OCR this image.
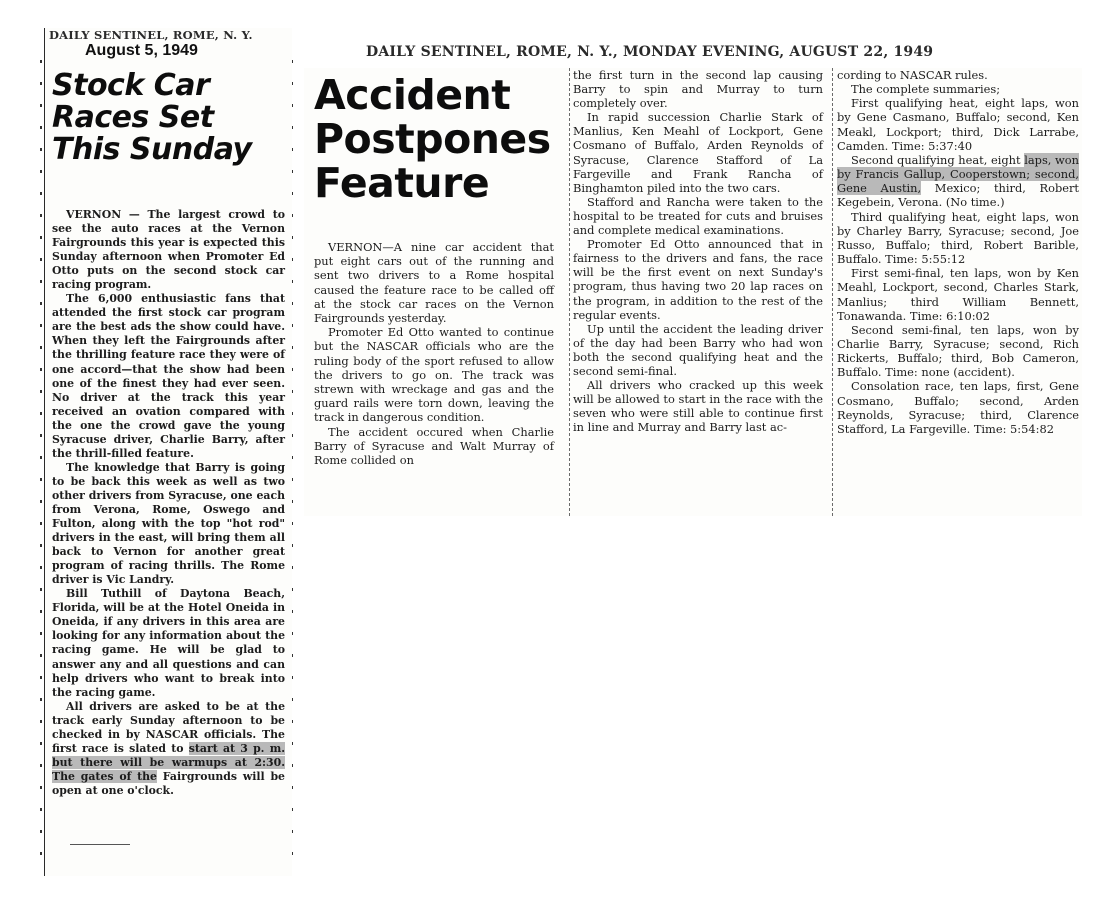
DAILY SENTINEL, ROME, N. Y.
August 5, 1949
Stock Car
Races Set
This Sunday

VERNON — The largest crowd to see the auto races at the Vernon Fairgrounds this year is expected this Sunday afternoon when Promoter Ed Otto puts on the second stock car racing program.

The 6,000 enthusiastic fans that attended the first stock car program are the best ads the show could have. When they left the Fairgrounds after the thrilling feature race they were of one accord—that the show had been one of the finest they had ever seen. No driver at the track this year received an ovation compared with the one the crowd gave the young Syracuse driver, Charlie Barry, after the thrill-filled feature.

The knowledge that Barry is going to be back this week as well as two other drivers from Syracuse, one each from Verona, Rome, Oswego and Fulton, along with the top "hot rod" drivers in the east, will bring them all back to Vernon for another great program of racing thrills. The Rome driver is Vic Landry.

Bill Tuthill of Daytona Beach, Florida, will be at the Hotel Oneida in Oneida, if any drivers in this area are looking for any information about the racing game. He will be glad to answer any and all questions and can help drivers who want to break into the racing game.

All drivers are asked to be at the track early Sunday afternoon to be checked in by NASCAR officials. The first race is slated to start at 3 p. m. but there will be warmups at 2:30. The gates of the Fairgrounds will be open at one o'clock.

DAILY SENTINEL, ROME, N. Y., MONDAY EVENING, AUGUST 22, 1949
Accident
Postpones
Feature

VERNON—A nine car accident that put eight cars out of the running and sent two drivers to a Rome hospital caused the feature race to be called off at the stock car races on the Vernon Fairgrounds yesterday.

Promoter Ed Otto wanted to continue but the NASCAR officials who are the ruling body of the sport refused to allow the drivers to go on. The track was strewn with wreckage and gas and the guard rails were torn down, leaving the track in dangerous condition.

The accident occured when Charlie Barry of Syracuse and Walt Murray of Rome collided on

the first turn in the second lap causing Barry to spin and Murray to turn completely over.

In rapid succession Charlie Stark of Manlius, Ken Meahl of Lockport, Gene Cosmano of Buffalo, Arden Reynolds of Syracuse, Clarence Stafford of La Fargeville and Frank Rancha of Binghamton piled into the two cars.

Stafford and Rancha were taken to the hospital to be treated for cuts and bruises and complete medical examinations.

Promoter Ed Otto announced that in fairness to the drivers and fans, the race will be the first event on next Sunday's program, thus having two 20 lap races on the program, in addition to the rest of the regular events.

Up until the accident the leading driver of the day had been Barry who had won both the second qualifying heat and the second semi-final.

All drivers who cracked up this week will be allowed to start in the race with the seven who were still able to continue first in line and Murray and Barry last ac-

cording to NASCAR rules.

The complete summaries;

First qualifying heat, eight laps, won by Gene Casmano, Buffalo; second, Ken Meakl, Lockport; third, Dick Larrabe, Camden. Time: 5:37:40

Second qualifying heat, eight laps, won by Francis Gallup, Cooperstown; second, Gene Austin, Mexico; third, Robert Kegebein, Verona. (No time.)

Third qualifying heat, eight laps, won by Charley Barry, Syracuse; second, Joe Russo, Buffalo; third, Robert Barible, Buffalo. Time: 5:55:12

First semi-final, ten laps, won by Ken Meahl, Lockport, second, Charles Stark, Manlius; third William Bennett, Tonawanda. Time: 6:10:02

Second semi-final, ten laps, won by Charlie Barry, Syracuse; second, Rich Rickerts, Buffalo; third, Bob Cameron, Buffalo. Time: none (accident).

Consolation race, ten laps, first, Gene Cosmano, Buffalo; second, Arden Reynolds, Syracuse; third, Clarence Stafford, La Fargeville. Time: 5:54:82
